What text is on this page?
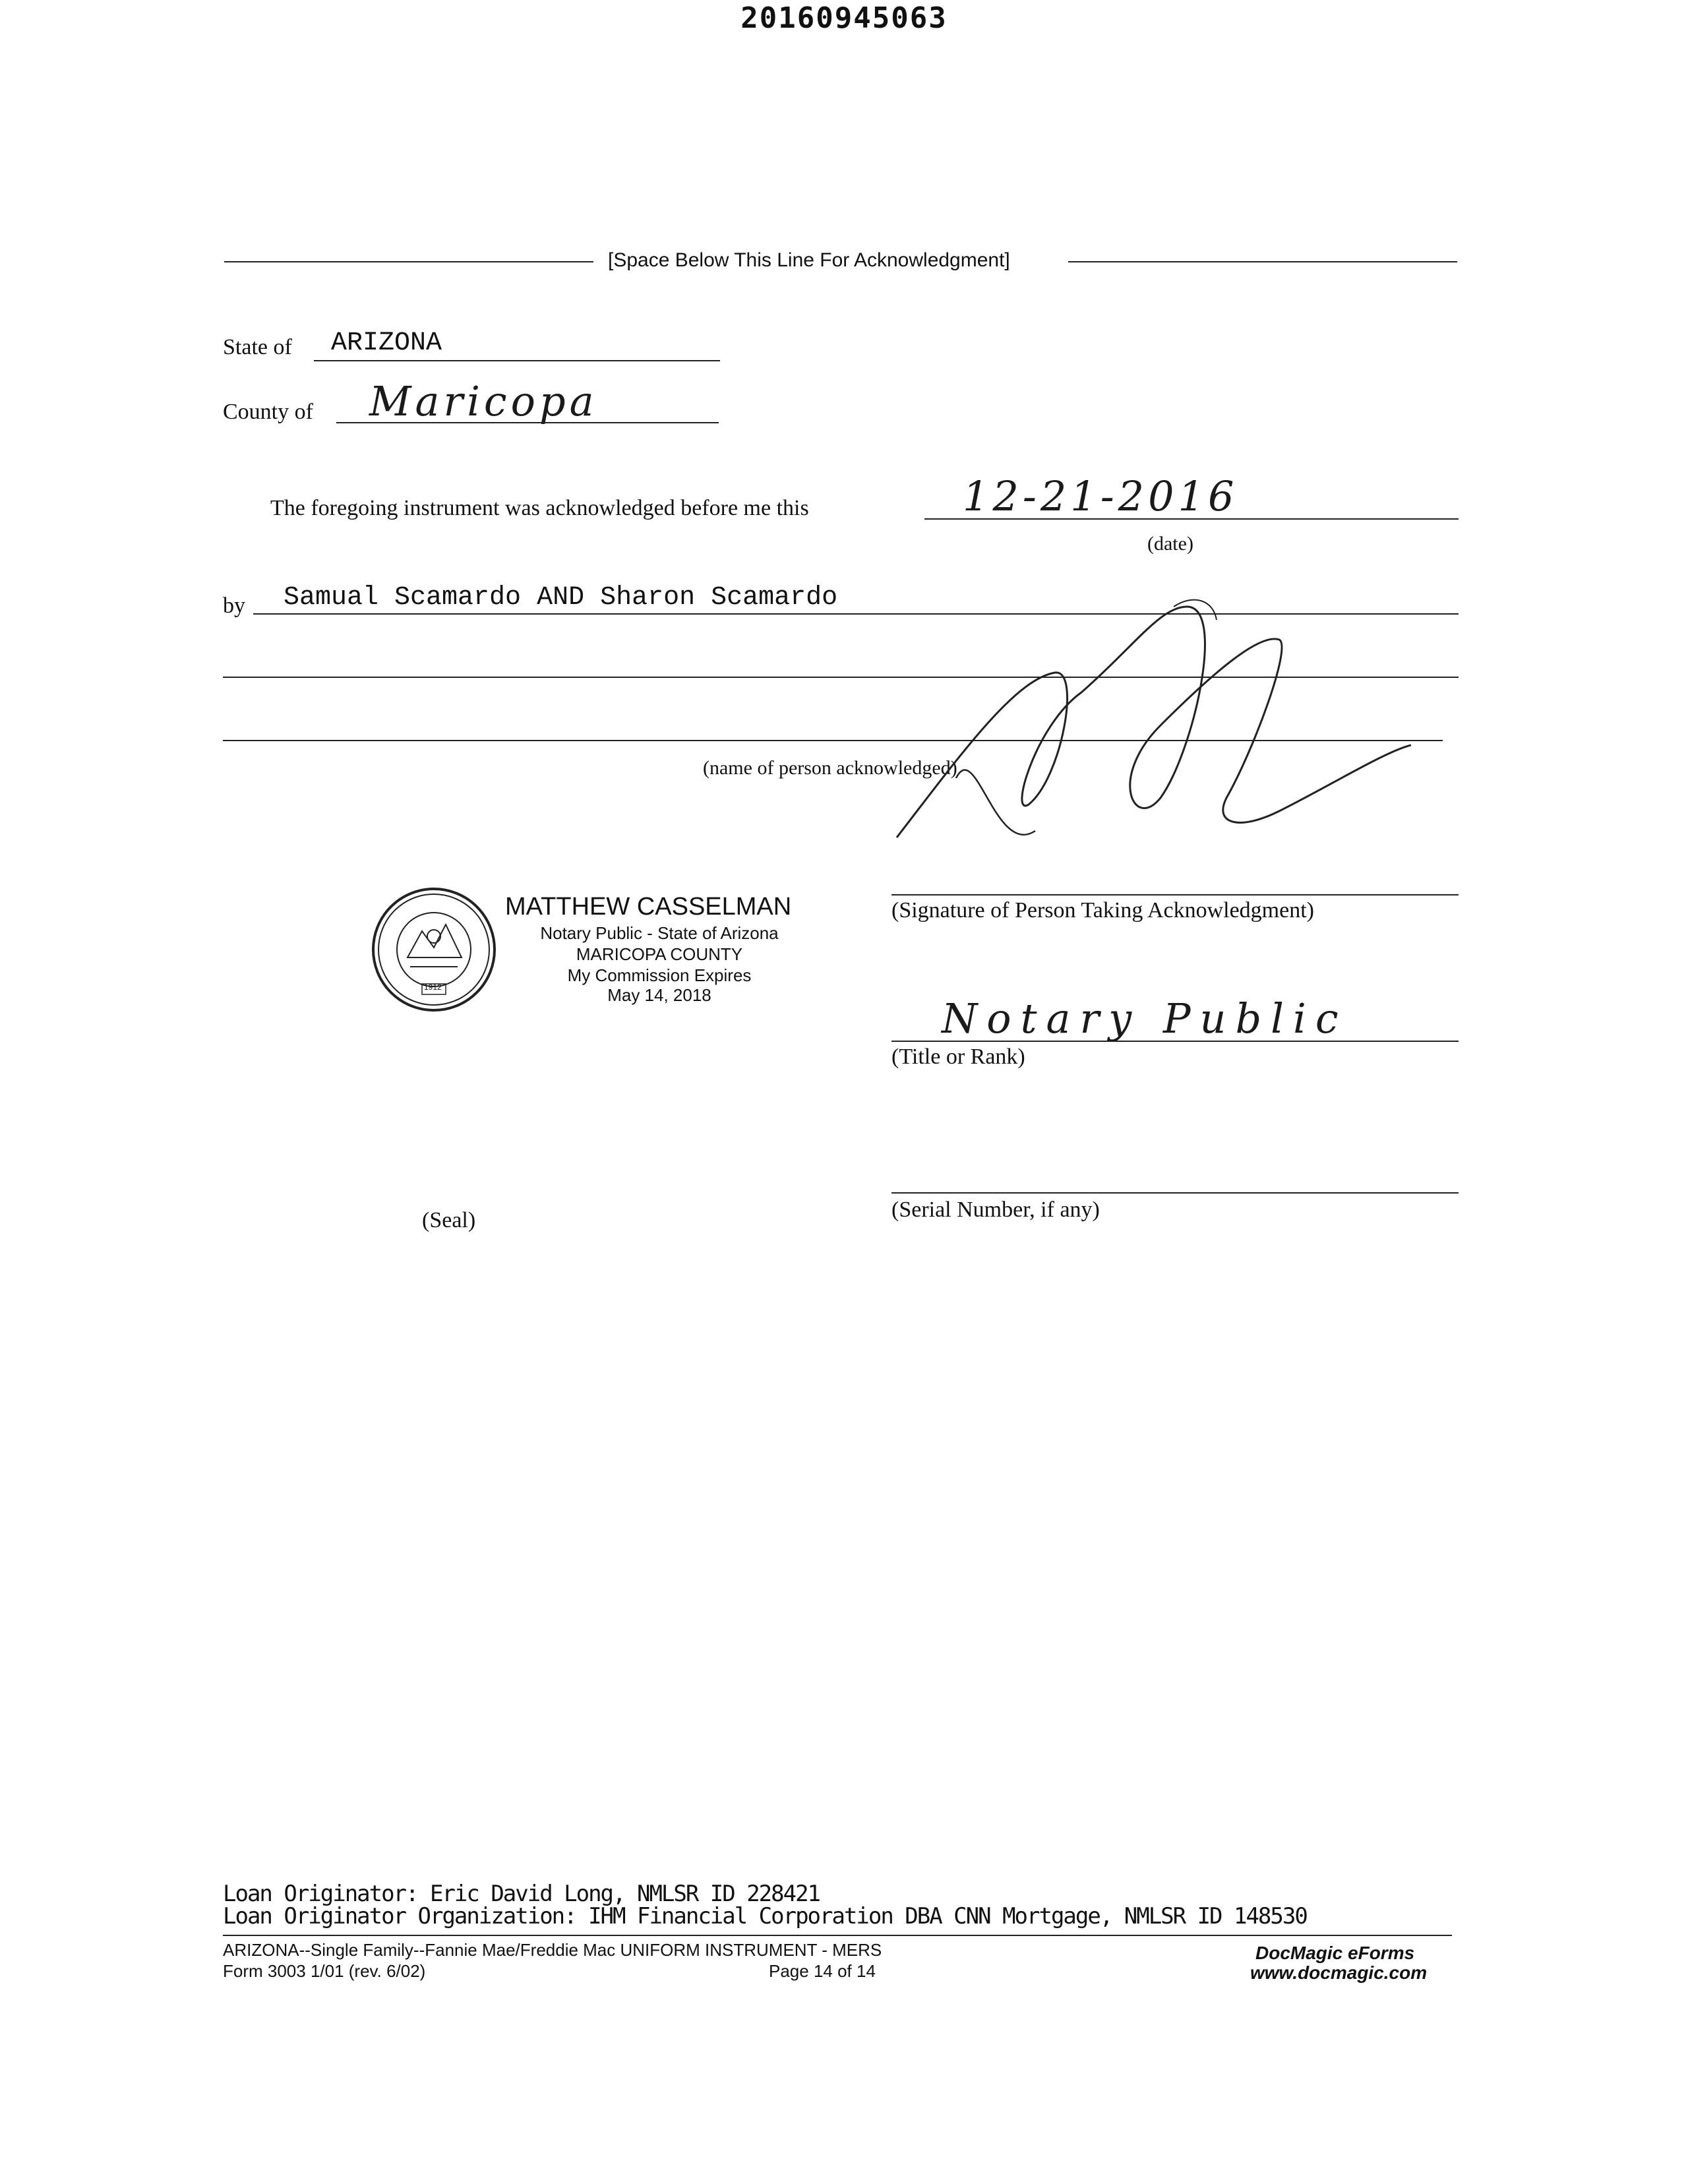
20160945063
[Space Below This Line For Acknowledgment]
State of ARIZONA
County of Maricopa
The foregoing instrument was acknowledged before me this	12-21-2016
(date)
by Samual Scamardo AND Sharon Scamardo
(name of person acknowledged)
1912
MATTHEW CASSELMAN
Notary Public - State of Arizona
MARICOPA COUNTY
My Commission Expires
May 14, 2018
(Signature of Person Taking Acknowledgment)
Notary Public
(Title or Rank)
(Seal)	(Serial Number, if any)
Loan Originator: Eric David Long, NMLSR ID 228421
Loan Originator Organization: IHM Financial Corporation DBA CNN Mortgage, NMLSR ID 148530
ARIZONA--Single Family--Fannie Mae/Freddie Mac UNIFORM INSTRUMENT - MERS
Form 3003 1/01 (rev. 6/02)	Page 14 of 14
DocMagic eForms
www.docmagic.com
